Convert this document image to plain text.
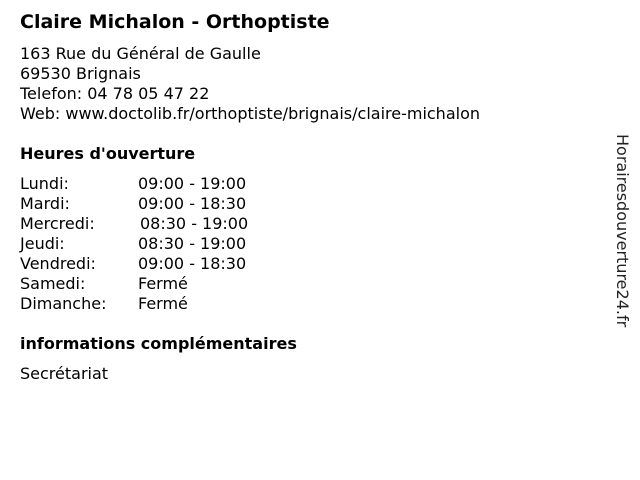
Claire Michalon - Orthoptiste
163 Rue du Général de Gaulle
69530 Brignais
Telefon: 04 78 05 47 22
Web: www.doctolib.fr/orthoptiste/brignais/claire-michalon
Heures d'ouverture
Lundi:	09:00 - 19:00
Mardi:	09:00 - 18:30
Mercredi:	08:30 - 19:00
Jeudi:	08:30 - 19:00
Vendredi:	09:00 - 18:30
Samedi:	Fermé
Dimanche: Fermé
informations complémentaires
Secrétariat
Horairesdouverture24.fr
